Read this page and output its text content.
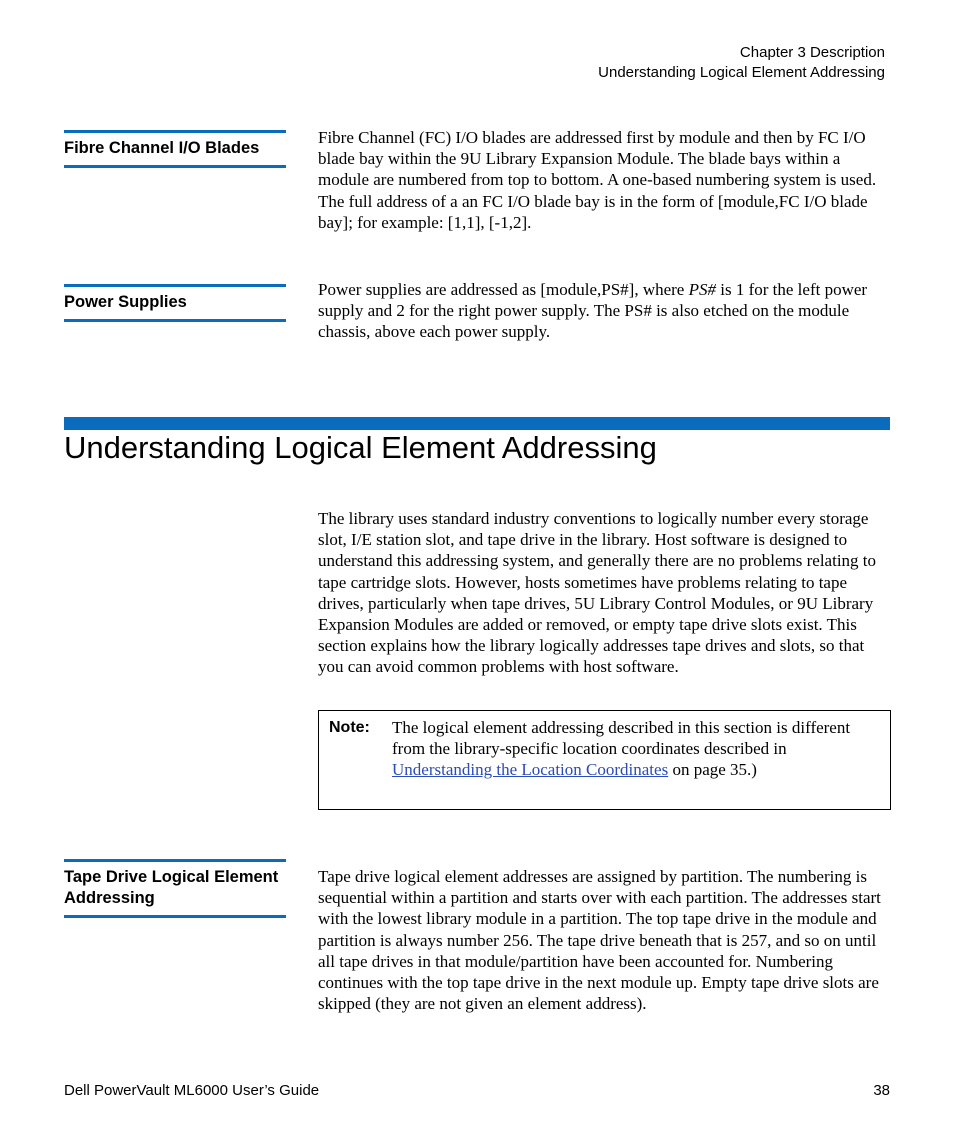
Chapter 3 Description
Understanding Logical Element Addressing
Fibre Channel I/O Blades
Fibre Channel (FC) I/O blades are addressed first by module and then by FC I/O blade bay within the 9U Library Expansion Module. The blade bays within a module are numbered from top to bottom. A one-based numbering system is used. The full address of a an FC I/O blade bay is in the form of [module,FC I/O blade bay]; for example: [1,1], [-1,2].
Power Supplies
Power supplies are addressed as [module,PS#], where PS# is 1 for the left power supply and 2 for the right power supply. The PS# is also etched on the module chassis, above each power supply.
Understanding Logical Element Addressing
The library uses standard industry conventions to logically number every storage slot, I/E station slot, and tape drive in the library. Host software is designed to understand this addressing system, and generally there are no problems relating to tape cartridge slots. However, hosts sometimes have problems relating to tape drives, particularly when tape drives, 5U Library Control Modules, or 9U Library Expansion Modules are added or removed, or empty tape drive slots exist. This section explains how the library logically addresses tape drives and slots, so that you can avoid common problems with host software.
Note: The logical element addressing described in this section is different from the library-specific location coordinates described in Understanding the Location Coordinates on page 35.)
Tape Drive Logical Element Addressing
Tape drive logical element addresses are assigned by partition. The numbering is sequential within a partition and starts over with each partition. The addresses start with the lowest library module in a partition. The top tape drive in the module and partition is always number 256. The tape drive beneath that is 257, and so on until all tape drives in that module/partition have been accounted for. Numbering continues with the top tape drive in the next module up. Empty tape drive slots are skipped (they are not given an element address).
Dell PowerVault ML6000 User’s Guide	38
